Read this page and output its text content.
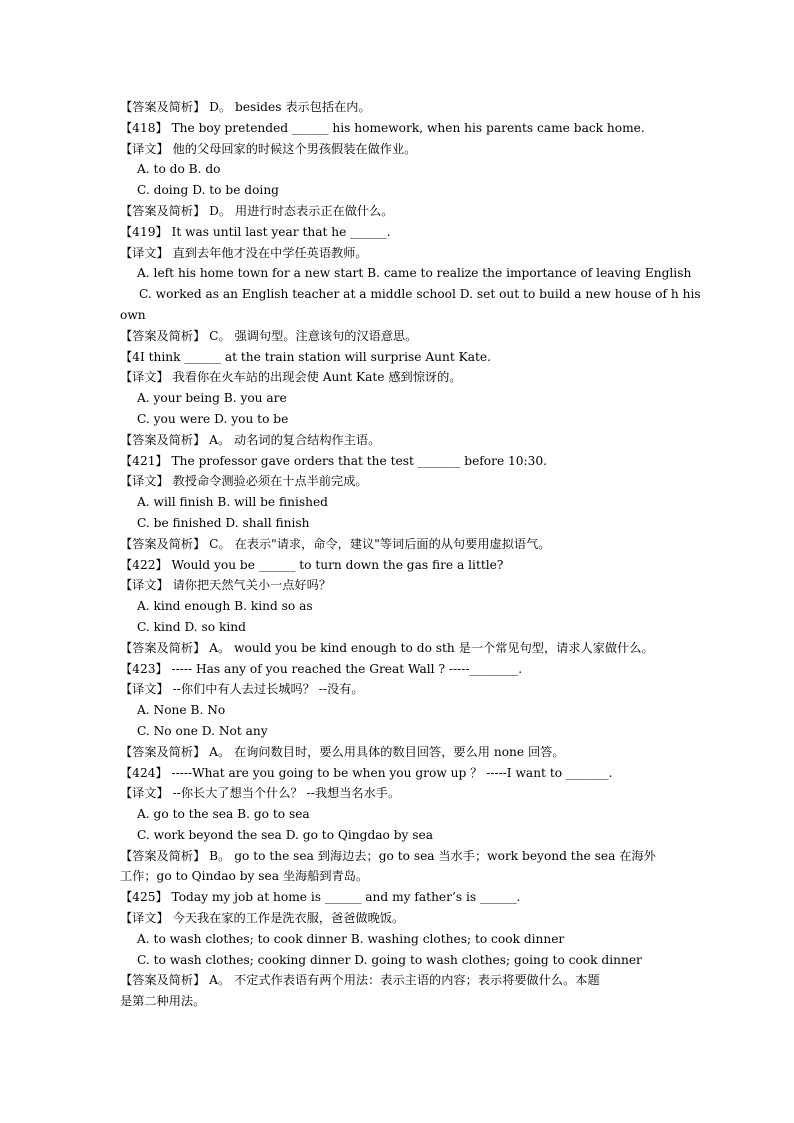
【答案及简析】 D。 besides 表示包括在内。
【418】 The boy pretended ______ his homework, when his parents came back home.
【译文】 他的父母回家的时候这个男孩假装在做作业。
A. to do B. do
C. doing D. to be doing
【答案及简析】 D。 用进行时态表示正在做什么。
【419】 It was until last year that he ______.
【译文】 直到去年他才没在中学任英语教师。
A. left his home town for a new start B. came to realize the importance of leaving English
C. worked as an English teacher at a middle school D. set out to build a new house of h his
own
【答案及简析】 C。 强调句型。注意该句的汉语意思。
【4I think ______ at the train station will surprise Aunt Kate.
【译文】 我看你在火车站的出现会使 Aunt Kate 感到惊讶的。
A. your being B. you are
C. you were D. you to be
【答案及简析】 A。 动名词的复合结构作主语。
【421】 The professor gave orders that the test _______ before 10:30.
【译文】 教授命令测验必须在十点半前完成。
A. will finish B. will be finished
C. be finished D. shall finish
【答案及简析】 C。 在表示"请求，命令，建议"等词后面的从句要用虚拟语气。
【422】 Would you be ______ to turn down the gas fire a little?
【译文】 请你把天然气关小一点好吗？
A. kind enough B. kind so as
C. kind D. so kind
【答案及简析】 A。 would you be kind enough to do sth 是一个常见句型，请求人家做什么。
【423】 ----- Has any of you reached the Great Wall ? -----________.
【译文】 --你们中有人去过长城吗？ --没有。
A. None B. No
C. No one D. Not any
【答案及简析】 A。 在询问数目时，要么用具体的数目回答，要么用 none 回答。
【424】 -----What are you going to be when you grow up ？ -----I want to _______.
【译文】 --你长大了想当个什么？ --我想当名水手。
A. go to the sea B. go to sea
C. work beyond the sea D. go to Qingdao by sea
【答案及简析】 B。 go to the sea 到海边去；go to sea 当水手；work beyond the sea 在海外
工作；go to Qindao by sea 坐海船到青岛。
【425】 Today my job at home is ______ and my father’s is ______.
【译文】 今天我在家的工作是洗衣服，爸爸做晚饭。
A. to wash clothes; to cook dinner B. washing clothes; to cook dinner
C. to wash clothes; cooking dinner D. going to wash clothes; going to cook dinner
【答案及简析】 A。 不定式作表语有两个用法：表示主语的内容；表示将要做什么。本题
是第二种用法。
